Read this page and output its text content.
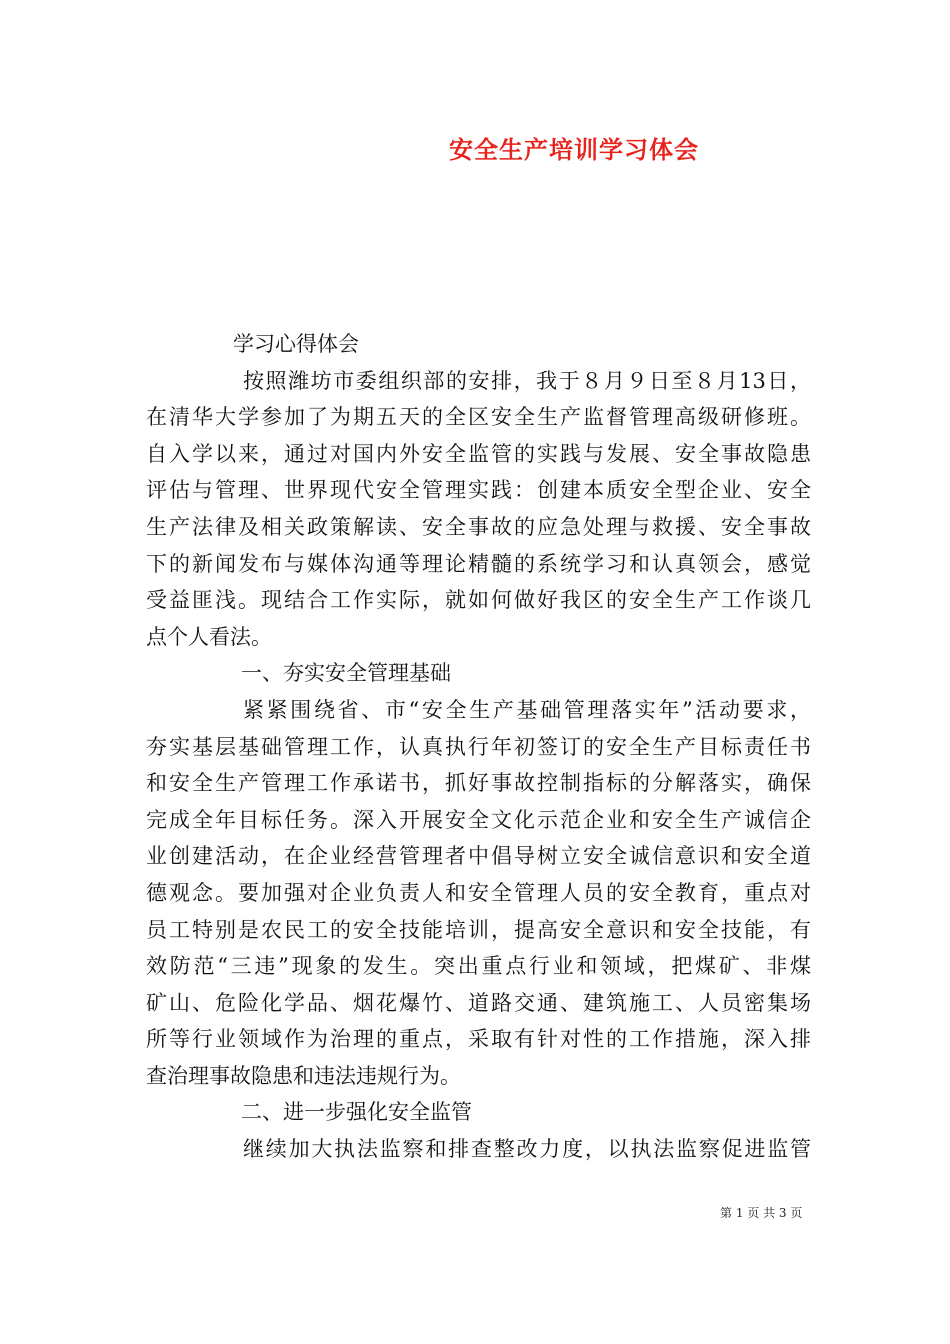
安全生产培训学习体会
学习心得体会
按照潍坊市委组织部的安排，我于８月９日至８月13日，
在清华大学参加了为期五天的全区安全生产监督管理高级研修班。
自入学以来，通过对国内外安全监管的实践与发展、安全事故隐患
评估与管理、世界现代安全管理实践：创建本质安全型企业、安全
生产法律及相关政策解读、安全事故的应急处理与救援、安全事故
下的新闻发布与媒体沟通等理论精髓的系统学习和认真领会，感觉
受益匪浅。现结合工作实际，就如何做好我区的安全生产工作谈几
点个人看法。
一、夯实安全管理基础
紧紧围绕省、市“安全生产基础管理落实年”活动要求，
夯实基层基础管理工作，认真执行年初签订的安全生产目标责任书
和安全生产管理工作承诺书，抓好事故控制指标的分解落实，确保
完成全年目标任务。深入开展安全文化示范企业和安全生产诚信企
业创建活动，在企业经营管理者中倡导树立安全诚信意识和安全道
德观念。要加强对企业负责人和安全管理人员的安全教育，重点对
员工特别是农民工的安全技能培训，提高安全意识和安全技能，有
效防范“三违”现象的发生。突出重点行业和领域，把煤矿、非煤
矿山、危险化学品、烟花爆竹、道路交通、建筑施工、人员密集场
所等行业领域作为治理的重点，采取有针对性的工作措施，深入排
查治理事故隐患和违法违规行为。
二、进一步强化安全监管
继续加大执法监察和排查整改力度，以执法监察促进监管
第 1 页 共 3 页
